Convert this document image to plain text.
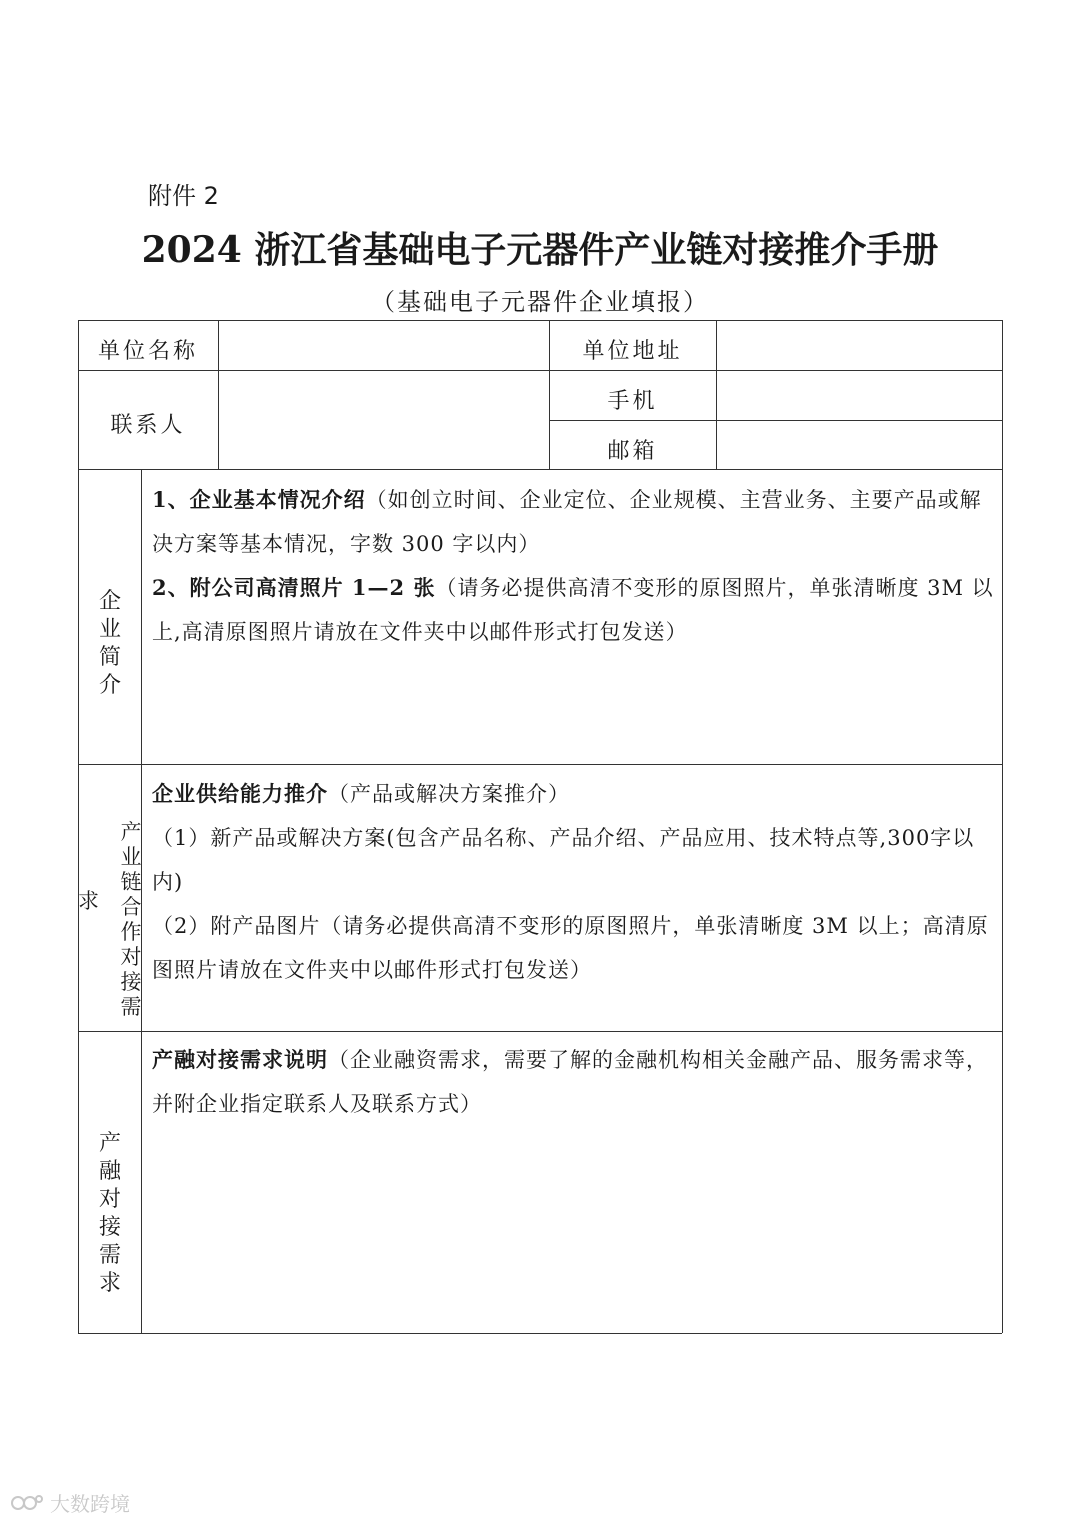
附件 2
2024 浙江省基础电子元器件产业链对接推介手册
（基础电子元器件企业填报）
单位名称	单位地址
联系人
手机
邮箱
企业简介
1、企业基本情况介绍（如创立时间、企业定位、企业规模、主营业务、主要产品或解决方案等基本情况，字数 300 字以内）
2、附公司高清照片 1—2 张（请务必提供高清不变形的原图照片，单张清晰度 3M 以上,高清原图照片请放在文件夹中以邮件形式打包发送）
产业链合作对接需
求
企业供给能力推介（产品或解决方案推介）
（1）新产品或解决方案(包含产品名称、产品介绍、产品应用、技术特点等,300字以内)
（2）附产品图片（请务必提供高清不变形的原图照片，单张清晰度 3M 以上；高清原图照片请放在文件夹中以邮件形式打包发送）
产融对接需求
产融对接需求说明（企业融资需求，需要了解的金融机构相关金融产品、服务需求等，并附企业指定联系人及联系方式）
大数跨境
